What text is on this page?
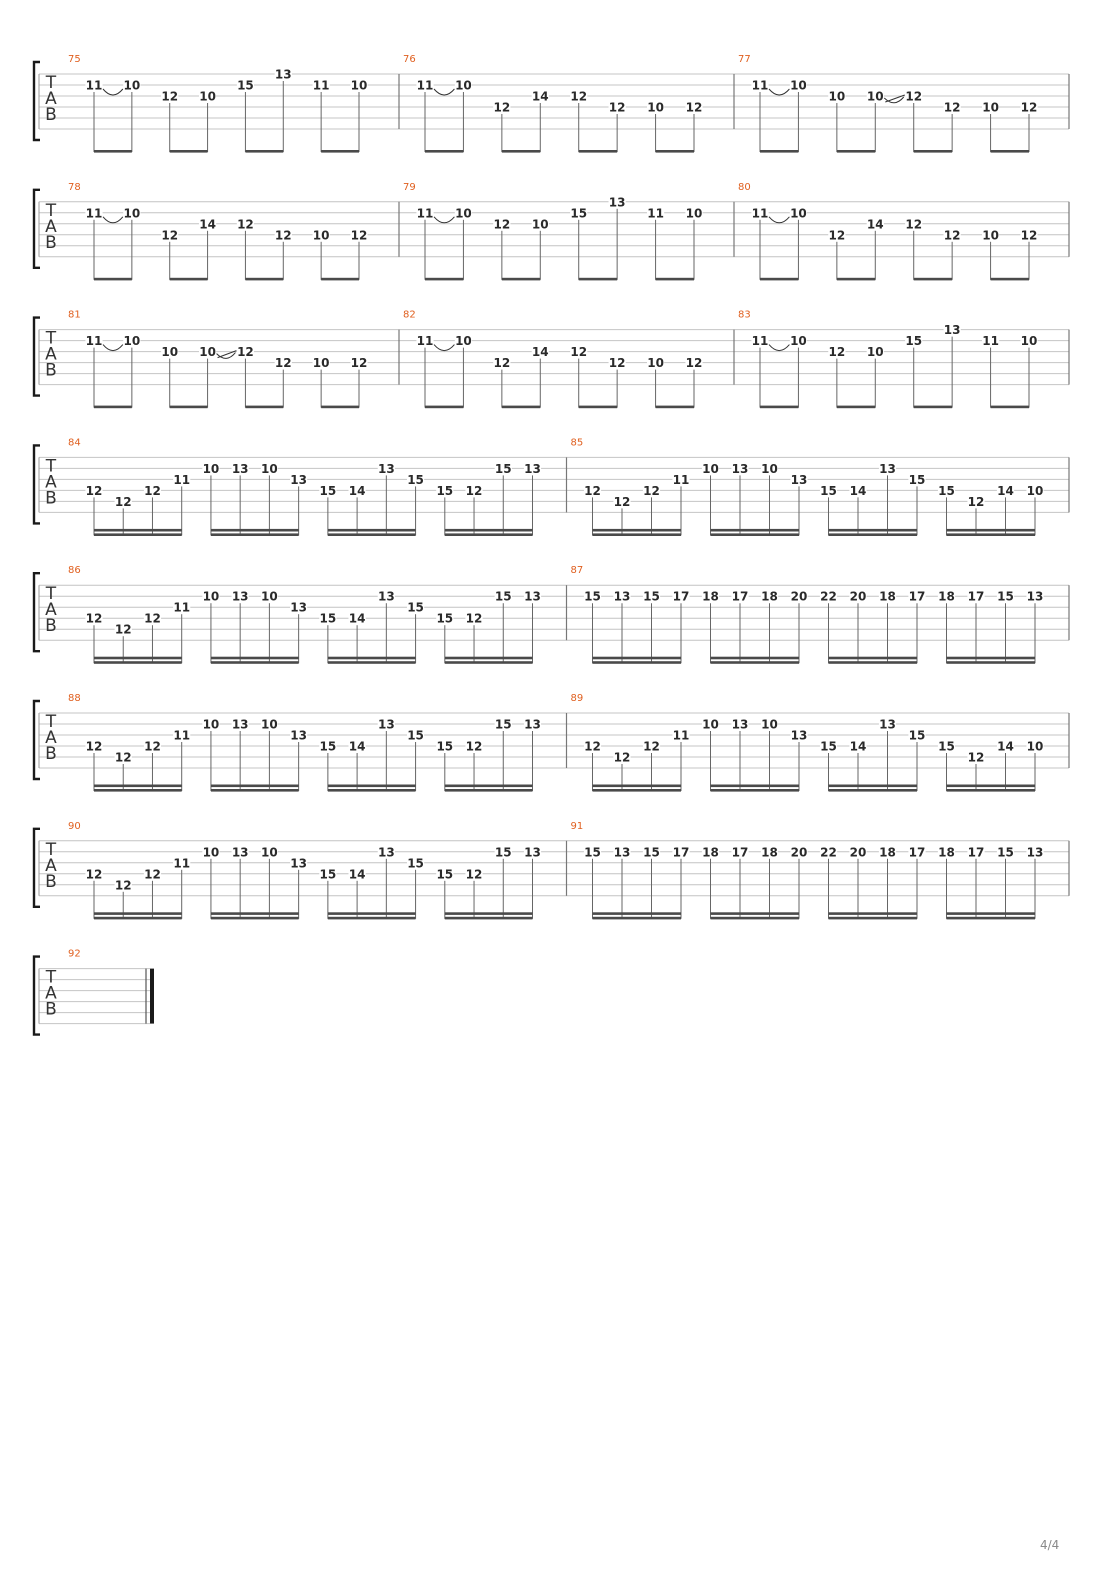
T
A
B
75
11 10
12 10
15
13
11 10
76
11 10
12
14 12
12 10 12
77
11 10
10 10 12
12 10 12
T
A
B
78
11 10
12
14 12
12 10 12
79
11 10
12 10
15
13
11 10
80
11 10
12
14 12
12 10 12
T
A
B
81
11 10
10 10 12
12 10 12
82
11 10
12
14 12
12 10 12
83
11 10
12 10
15
13
11 10
T
A
B
84
12
12
12
11
10 13 10
13
15 14
13
15
15 12
15 13
85
12
12
12
11
10 13 10
13
15 14
13
15
15
12
14 10
T
A
B
86
12
12
12
11
10 13 10
13
15 14
13
15
15 12
15 13
87
15 13 15 17 18 17 18 20 22 20 18 17 18 17 15 13
T
A
B
88
12
12
12
11
10 13 10
13
15 14
13
15
15 12
15 13
89
12
12
12
11
10 13 10
13
15 14
13
15
15
12
14 10
T
A
B
90
12
12
12
11
10 13 10
13
15 14
13
15
15 12
15 13
91
15 13 15 17 18 17 18 20 22 20 18 17 18 17 15 13
T
A
B
92
4/4
